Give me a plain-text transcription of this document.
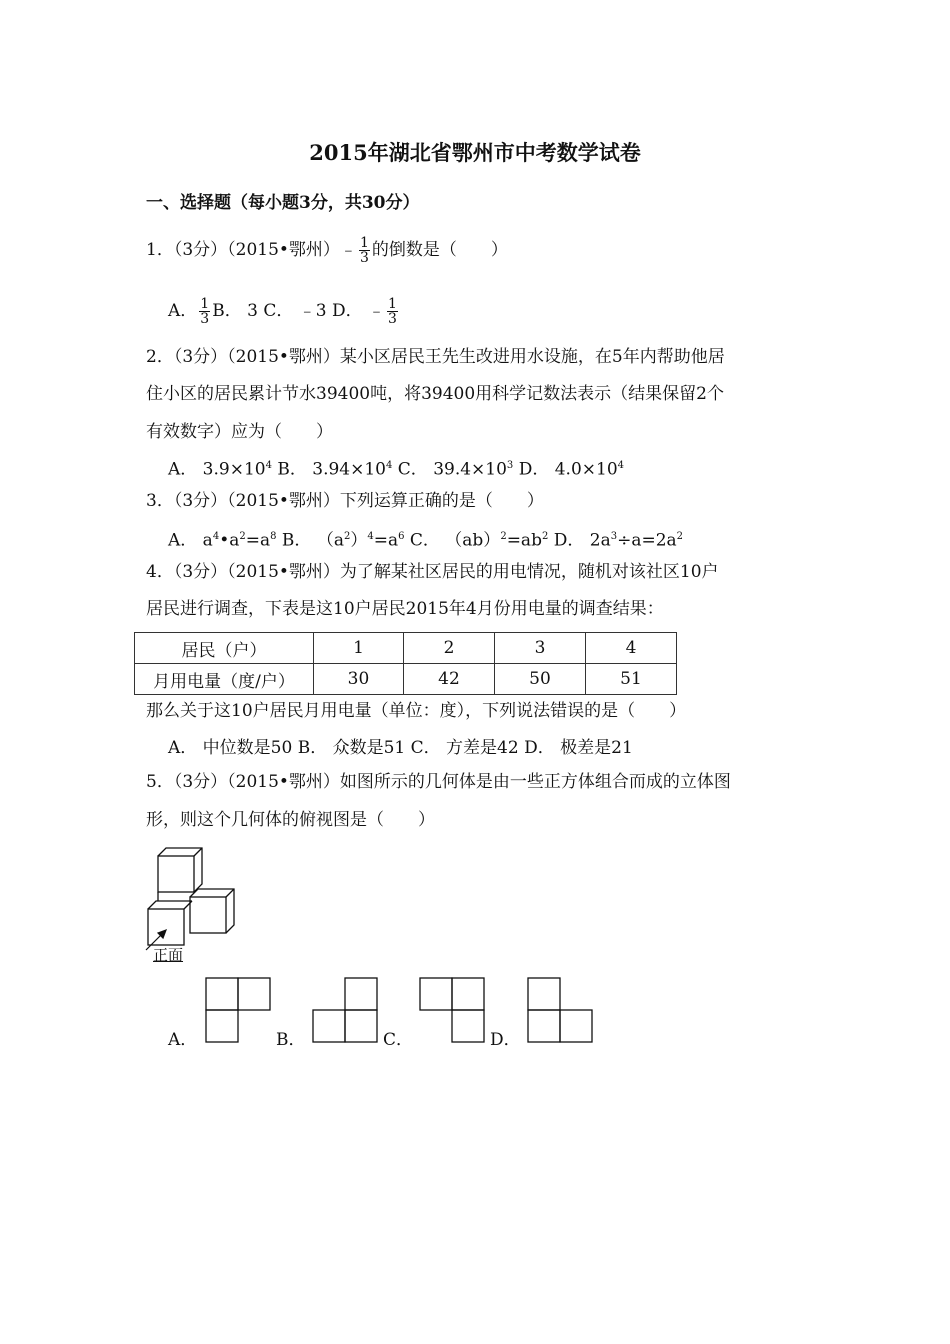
2015年湖北省鄂州市中考数学试卷
一、选择题（每小题3分，共30分）
1．（3分）（2015•鄂州）﹣ $\frac{1}{3}$ 的倒数是（　　）
A． $\frac{1}{3}$ B． 3 C． ﹣3 D． ﹣ $\frac{1}{3}$
2．（3分）（2015•鄂州）某小区居民王先生改进用水设施，在5年内帮助他居
住小区的居民累计节水39400吨，将39400用科学记数法表示（结果保留2个
有效数字）应为（　　）
A． $3.9\times 10^4$ B． $3.94\times 10^4$ C． $39.4\times 10^3$ D． $4.0\times 10^4$
3．（3分）（2015•鄂州）下列运算正确的是（　　）
A． $a^4•a^2=a^8$ B． $(a^2)^4=a^6$ C． $(ab)^2=ab^2$ D． $2a^3\div a=2a^2$
4．（3分）（2015•鄂州）为了解某社区居民的用电情况，随机对该社区10户
居民进行调查，下表是这10户居民2015年4月份用电量的调查结果：
居民（户）	1	2	3	4
月用电量（度/户）	30	42	50	51
那么关于这10户居民月用电量（单位：度），下列说法错误的是（　　）
A． 中位数是50 B． 众数是51 C． 方差是42 D． 极差是21
5．（3分）（2015•鄂州）如图所示的几何体是由一些正方体组合而成的立体图
形，则这个几何体的俯视图是（　　）
正面
A．	B．	C．	D．
